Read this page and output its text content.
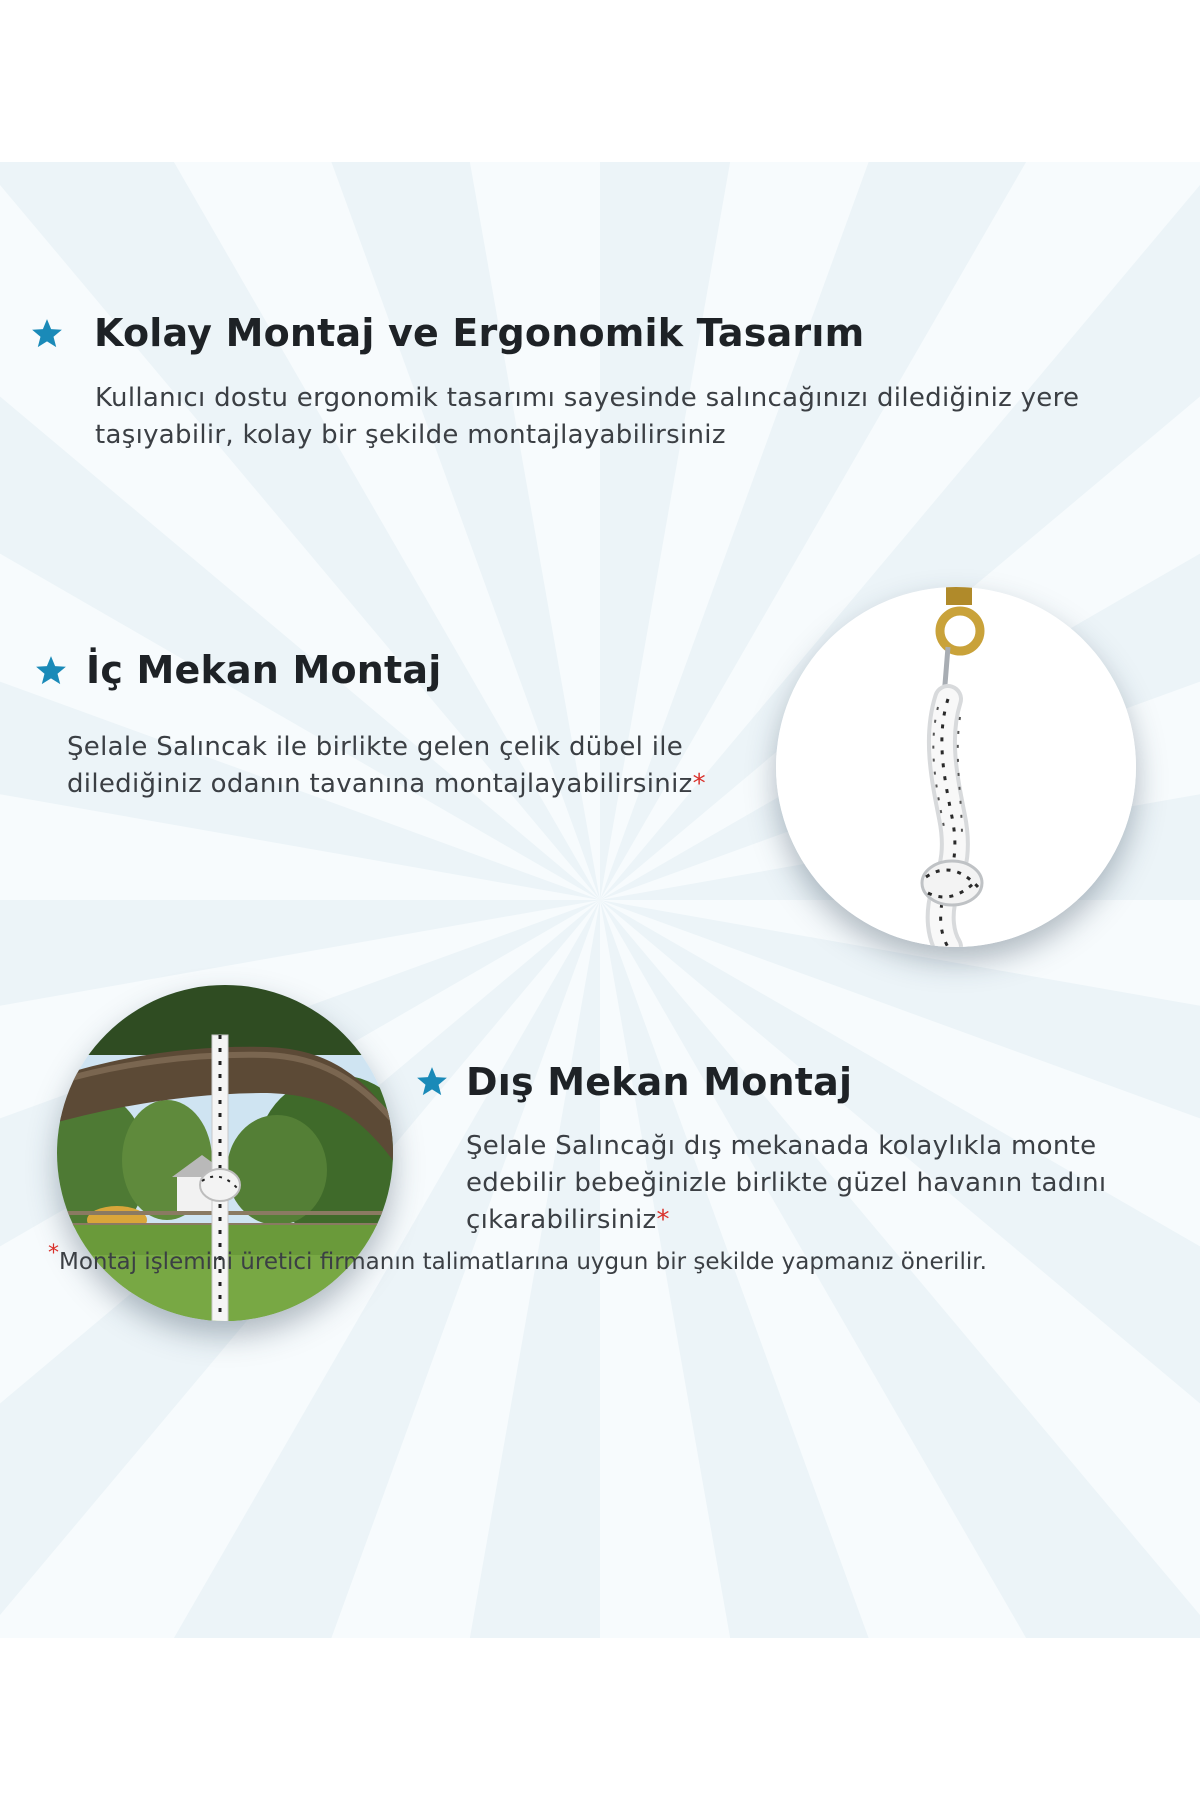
Kolay Montaj ve Ergonomik Tasarım
Kullanıcı dostu ergonomik tasarımı sayesinde salıncağınızı dilediğiniz yere
taşıyabilir, kolay bir şekilde montajlayabilirsiniz
İç Mekan Montaj
Şelale Salıncak ile birlikte gelen çelik dübel ile
dilediğiniz odanın tavanına montajlayabilirsiniz*
Dış Mekan Montaj
Şelale Salıncağı dış mekanada kolaylıkla monte
edebilir bebeğinizle birlikte güzel havanın tadını
çıkarabilirsiniz*
*Montaj işlemini üretici firmanın talimatlarına uygun bir şekilde yapmanız önerilir.
